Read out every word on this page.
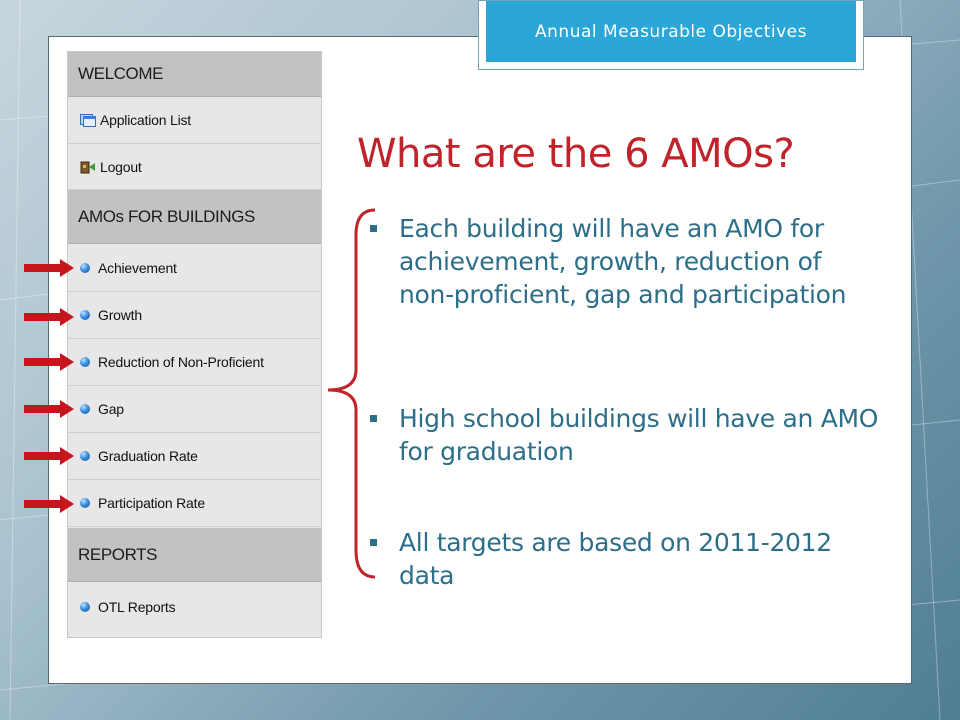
Annual Measurable Objectives
WELCOME
Application List
Logout
AMOs FOR BUILDINGS
Achievement
Growth
Reduction of Non-Proficient
Gap
Graduation Rate
Participation Rate
REPORTS
OTL Reports
What are the 6 AMOs?
Each building will have an AMO for achievement, growth, reduction of non-proficient, gap and participation
High school buildings will have an AMO for graduation
All targets are based on 2011-2012 data
